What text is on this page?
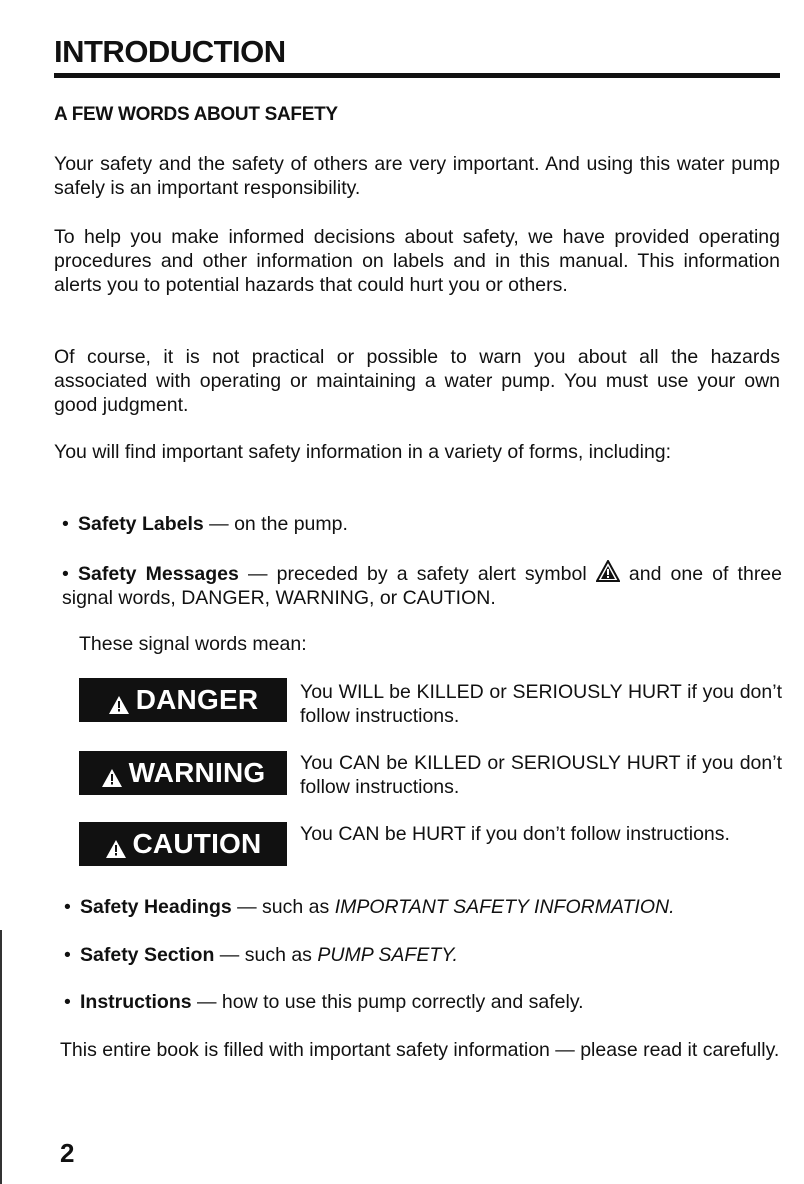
INTRODUCTION
A FEW WORDS ABOUT SAFETY

Your safety and the safety of others are very important. And using this water pump safely is an important responsibility.

To help you make informed decisions about safety, we have provided operating procedures and other information on labels and in this manual. This information alerts you to potential hazards that could hurt you or others.

Of course, it is not practical or possible to warn you about all the hazards associated with operating or maintaining a water pump. You must use your own good judgment.

You will find important safety information in a variety of forms, including:

• Safety Labels — on the pump.

• Safety Messages — preceded by a safety alert symbol  and one of three signal words, DANGER, WARNING, or CAUTION.

These signal words mean:

DANGER You WILL be KILLED or SERIOUSLY HURT if you don’t follow instructions.

WARNING You CAN be KILLED or SERIOUSLY HURT if you don’t follow instructions.

CAUTION You CAN be HURT if you don’t follow instructions.

• Safety Headings — such as IMPORTANT SAFETY INFORMATION.

• Safety Section — such as PUMP SAFETY.

• Instructions — how to use this pump correctly and safely.

This entire book is filled with important safety information — please read it carefully.

2
